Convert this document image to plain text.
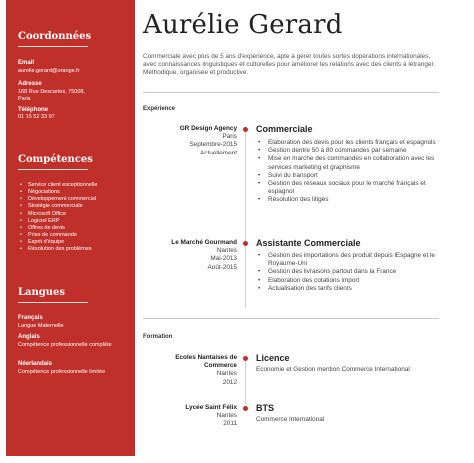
Coordonnées
Email
aurelie.gerard@orange.fr
Adresse
168 Rue Descartes, 75008,
Paris
Téléphone
01 15 52 33 97
Compétences
• Service client exceptionnelle
• Négociations
• Développement commercial
• Stratégie commerciale
• Microsoft Office
• Logiciel ERP
• Offres de devis
• Prise de commande
• Esprit d'équipe
• Résolution des problèmes
Langues
Français
Langue Maternelle
Anglais
Compétence professionnelle complète
Néerlandais
Compétence professionnelle limitée
Aurélie Gerard
Commerciale avec plus de 5 ans d'expérience, apte à gérer toutes sortes dopérations internationales, avec connaissances linguistiques et culturelles pour améliorer les relations avec des clients à létranger. Méthodique, organisée et productive.
Expérience
GR Design Agency
Paris
Septembre-2015
Actuellement
Commerciale
• Elaboration des devis pour les clients français et espagnols
• Gestion dentre 50 à 80 commandes par semaine
• Mise en marche des commandes en collaboration avec les services marketing et graphisme
• Suivi du transport
• Gestion des réseaux sociaux pour le marché français et espagnol
• Résolution des litiges
Le Marché Gourmand
Nantes
Mai-2013
Août-2015
Assistante Commerciale
• Gestion des importations des produit depuis lEspagne et le Royaume-Uni
• Gestion des livraisons partout dans la France
• Elaboration des cotations import
• Actualisation des tarifs clients
Formation
Ecoles Nantaises de
Commerce
Nantes
2012
Licence
Economie et Gestion mention Commerce International
Lycée Saint Félix
Nantes
2011
BTS
Commerce International
